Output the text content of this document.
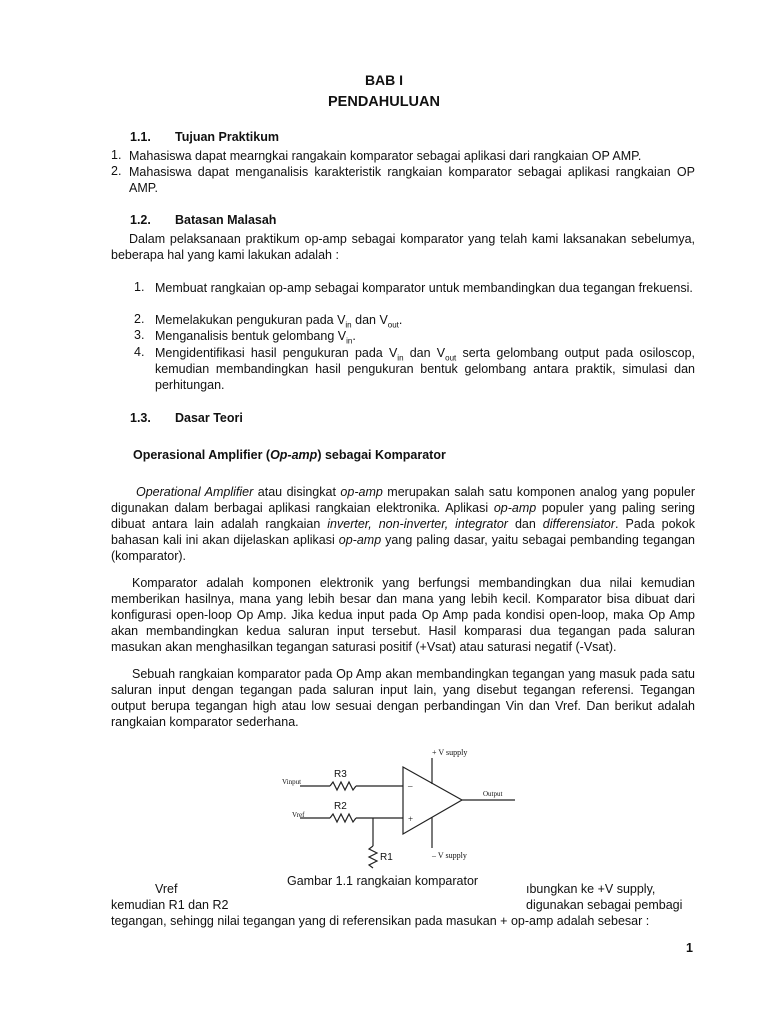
BAB I
PENDAHULUAN
1.1. Tujuan Praktikum
1. Mahasiswa dapat mearngkai rangakain komparator sebagai aplikasi dari rangkaian OP AMP.
2. Mahasiswa dapat menganalisis karakteristik rangkaian komparator sebagai aplikasi rangkaian OP AMP.
1.2. Batasan Malasah
Dalam pelaksanaan praktikum op-amp sebagai komparator yang telah kami laksanakan sebelumya, beberapa hal yang kami lakukan adalah :
1. Membuat rangkaian op-amp sebagai komparator untuk membandingkan dua tegangan frekuensi.
2. Memelakukan pengukuran pada $V_{in}$ dan $V_{out}$.
3. Menganalisis bentuk gelombang $V_{in}$.
4. Mengidentifikasi hasil pengukuran pada $V_{in}$ dan $V_{out}$ serta gelombang output pada osiloscop, kemudian membandingkan hasil pengukuran bentuk gelombang antara praktik, simulasi dan perhitungan.
1.3. Dasar Teori
Operasional Amplifier (Op-amp) sebagai Komparator
Operational Amplifier atau disingkat op-amp merupakan salah satu komponen analog yang populer digunakan dalam berbagai aplikasi rangkaian elektronika. Aplikasi op-amp populer yang paling sering dibuat antara lain adalah rangkaian inverter, non-inverter, integrator dan differensiator. Pada pokok bahasan kali ini akan dijelaskan aplikasi op-amp yang paling dasar, yaitu sebagai pembanding tegangan (komparator).
Komparator adalah komponen elektronik yang berfungsi membandingkan dua nilai kemudian memberikan hasilnya, mana yang lebih besar dan mana yang lebih kecil. Komparator bisa dibuat dari konfigurasi open-loop Op Amp. Jika kedua input pada Op Amp pada kondisi open-loop, maka Op Amp akan membandingkan kedua saluran input tersebut. Hasil komparasi dua tegangan pada saluran masukan akan menghasilkan tegangan saturasi positif (+Vsat) atau saturasi negatif (-Vsat).
Sebuah rangkaian komparator pada Op Amp akan membandingkan tegangan yang masuk pada satu saluran input dengan tegangan pada saluran input lain, yang disebut tegangan referensi. Tegangan output berupa tegangan high atau low sesuai dengan perbandingan Vin dan Vref. Dan berikut adalah rangkaian komparator sederhana.
+ V supply
– V supply
Vinput
Vref
Output
R3
R2
R1
–
+
Gambar 1.1 rangkaian komparator
Vref	ıbungkan ke +V supply,
kemudian R1 dan R2	digunakan sebagai pembagi
tegangan, sehingg nilai tegangan yang di referensikan pada masukan + op-amp adalah sebesar :
1
